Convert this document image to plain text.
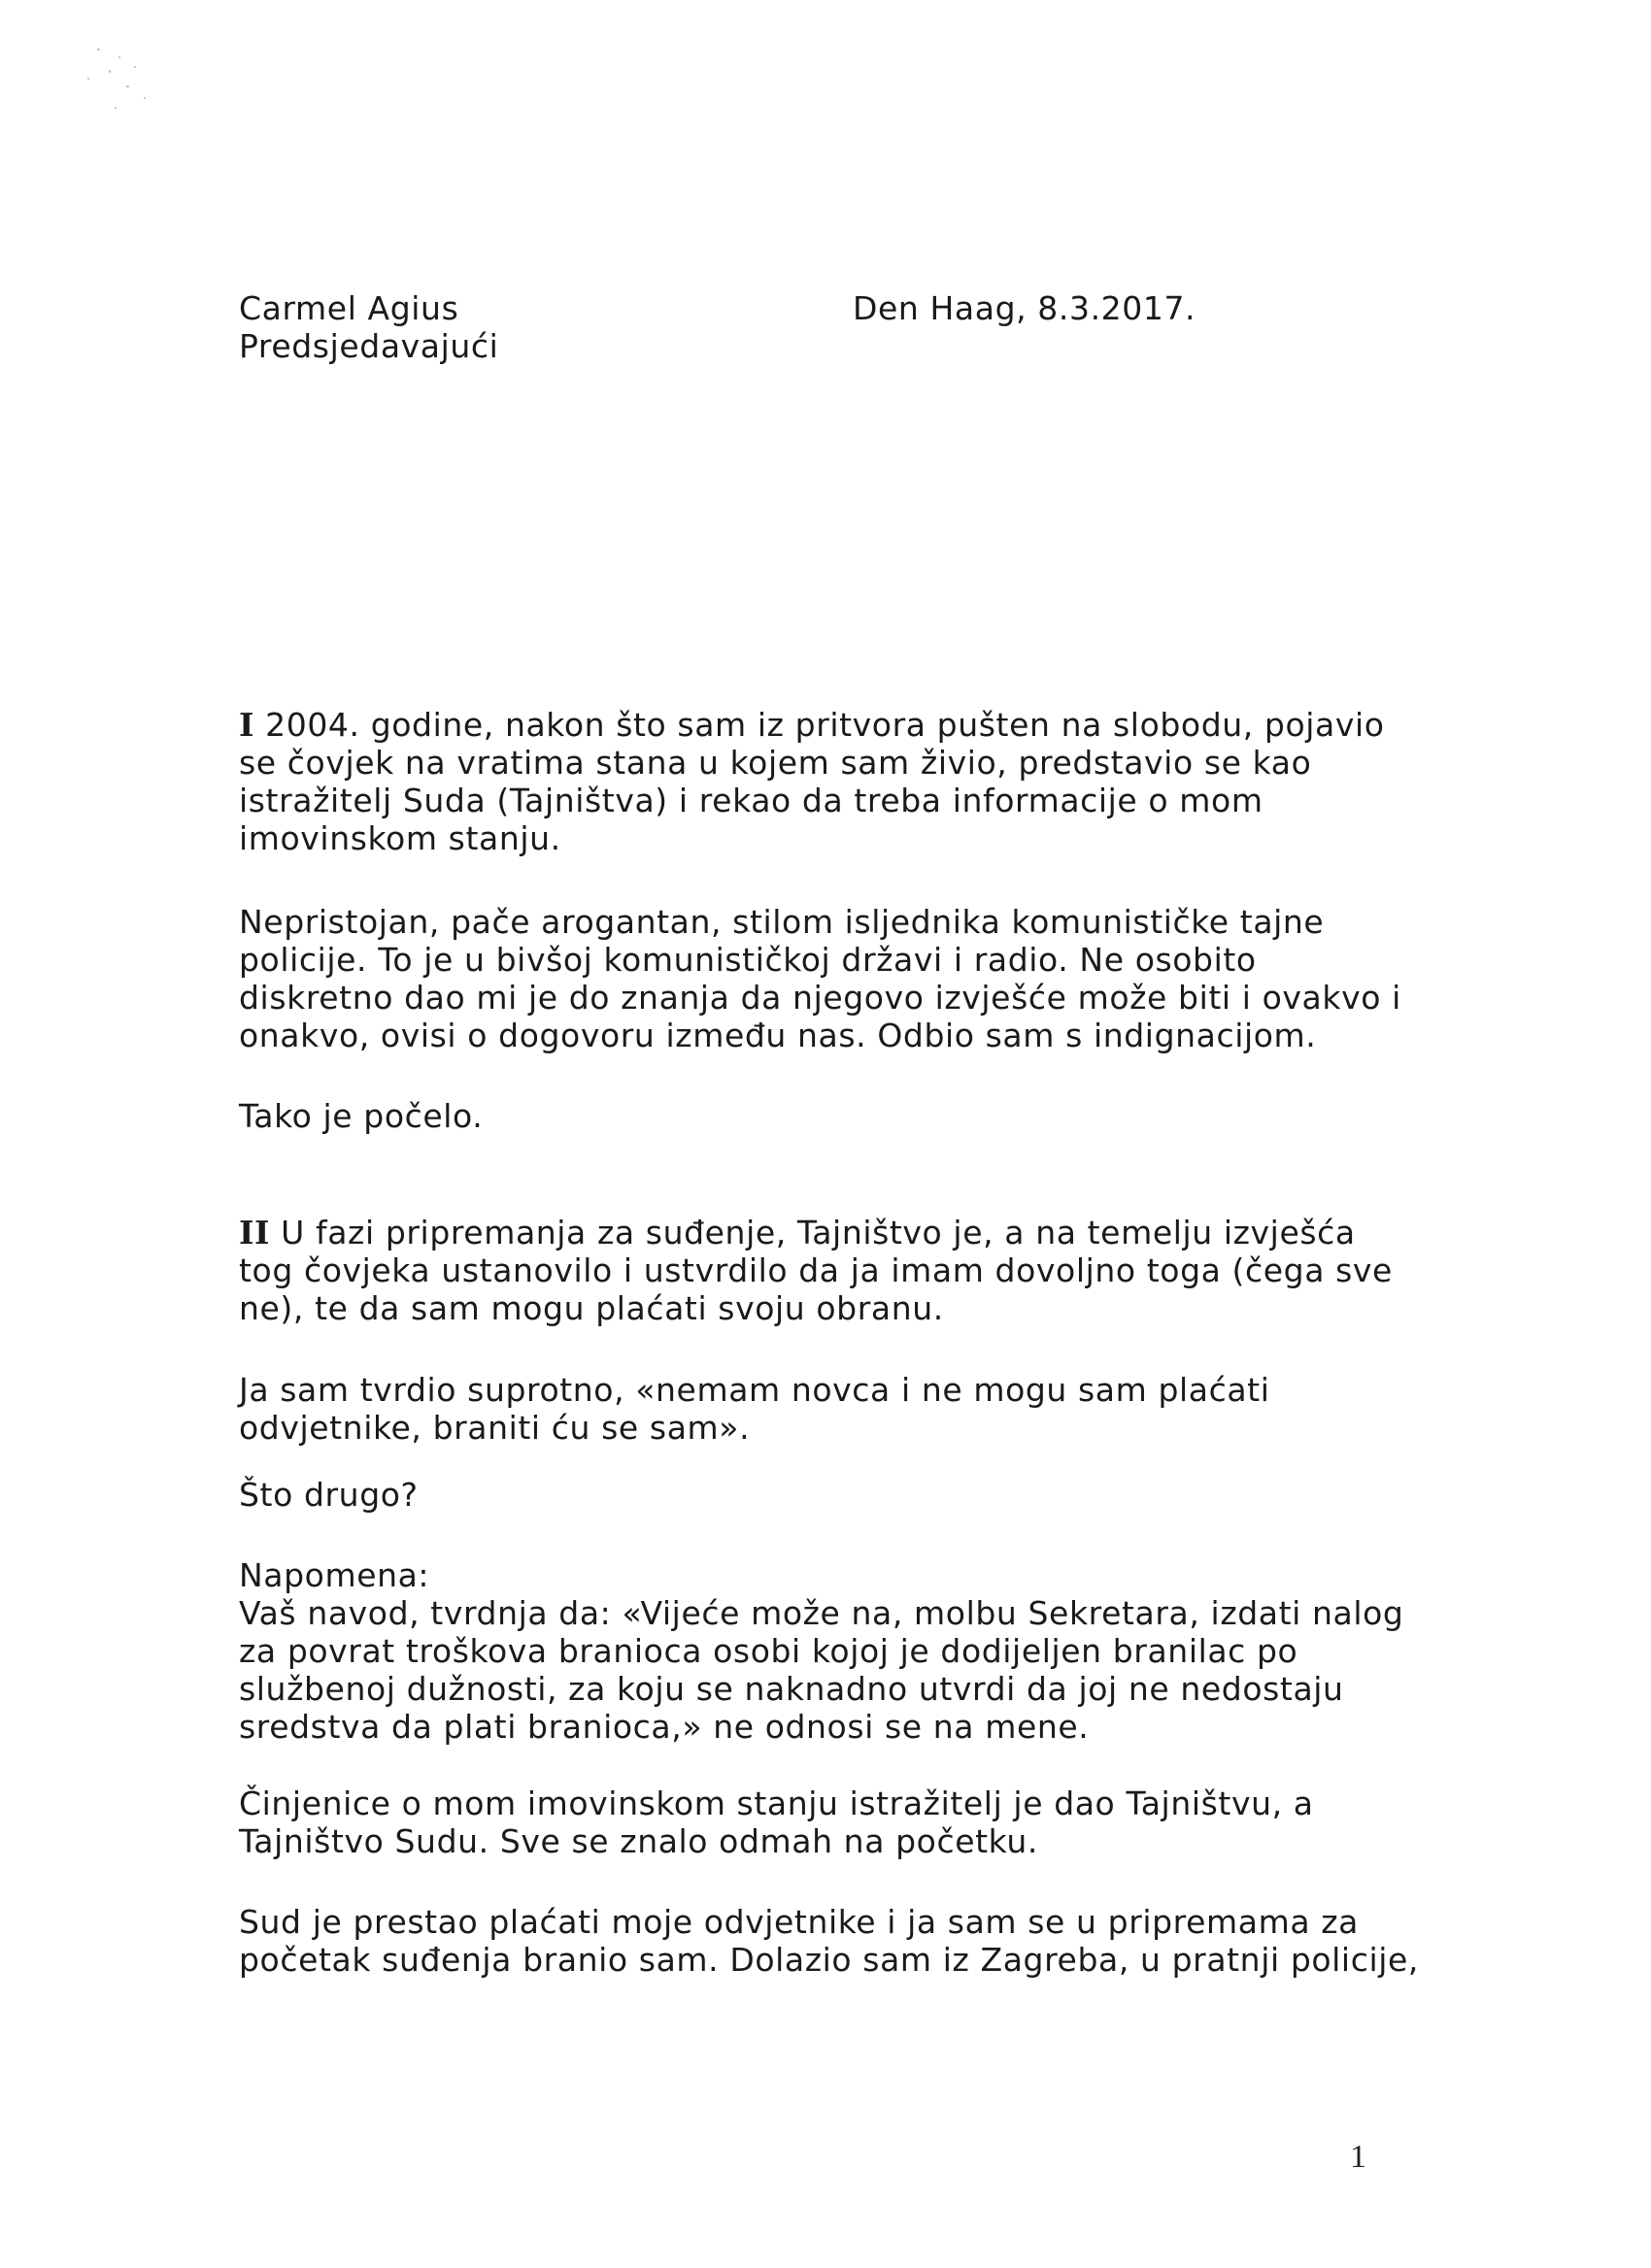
Carmel Agius
Predsjedavajući
Den Haag, 8.3.2017.
I 2004. godine, nakon što sam iz pritvora pušten na slobodu, pojavio
se čovjek na vratima stana u kojem sam živio, predstavio se kao
istražitelj Suda (Tajništva) i rekao da treba informacije o mom
imovinskom stanju.
Nepristojan, pače arogantan, stilom isljednika komunističke tajne
policije. To je u bivšoj komunističkoj državi i radio. Ne osobito
diskretno dao mi je do znanja da njegovo izvješće može biti i ovakvo i
onakvo, ovisi o dogovoru između nas. Odbio sam s indignacijom.
Tako je počelo.
II U fazi pripremanja za suđenje, Tajništvo je, a na temelju izvješća
tog čovjeka ustanovilo i ustvrdilo da ja imam dovoljno toga (čega sve
ne), te da sam mogu plaćati svoju obranu.
Ja sam tvrdio suprotno, «nemam novca i ne mogu sam plaćati
odvjetnike, braniti ću se sam».
Što drugo?
Napomena:
Vaš navod, tvrdnja da: «Vijeće može na, molbu Sekretara, izdati nalog
za povrat troškova branioca osobi kojoj je dodijeljen branilac po
službenoj dužnosti, za koju se naknadno utvrdi da joj ne nedostaju
sredstva da plati branioca,» ne odnosi se na mene.
Činjenice o mom imovinskom stanju istražitelj je dao Tajništvu, a
Tajništvo Sudu. Sve se znalo odmah na početku.
Sud je prestao plaćati moje odvjetnike i ja sam se u pripremama za
početak suđenja branio sam. Dolazio sam iz Zagreba, u pratnji policije,
1
